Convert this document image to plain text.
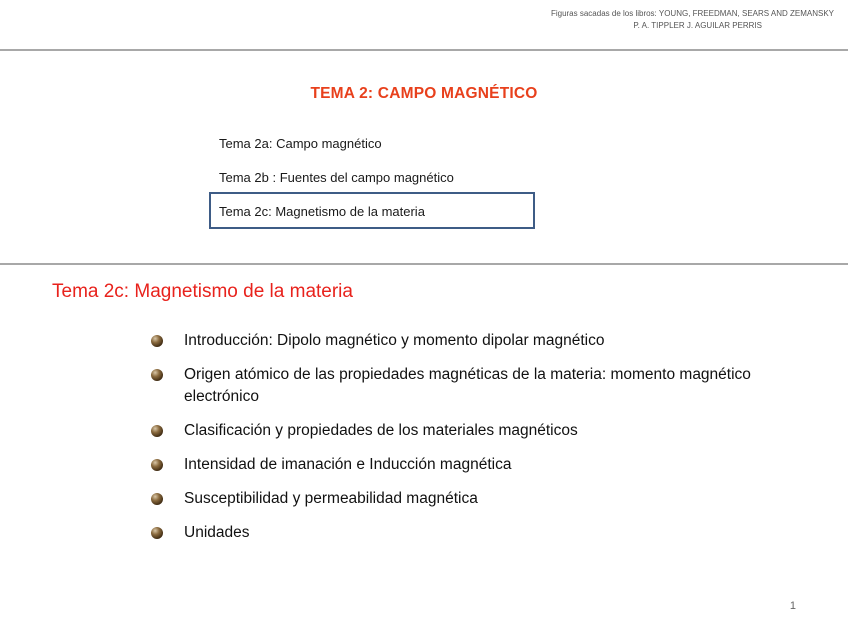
Figuras sacadas de los libros: YOUNG, FREEDMAN, SEARS AND ZEMANSKY
P. A. TIPPLER J. AGUILAR PERRIS
TEMA 2: CAMPO MAGNÉTICO
Tema 2a: Campo magnético
Tema 2b : Fuentes del campo magnético
Tema 2c: Magnetismo de la materia
Tema 2c: Magnetismo de la materia
Introducción: Dipolo magnético y momento dipolar magnético
Origen atómico de las propiedades magnéticas de la materia: momento magnético electrónico
Clasificación y propiedades de los materiales magnéticos
Intensidad de imanación e Inducción magnética
Susceptibilidad y permeabilidad magnética
Unidades
1
